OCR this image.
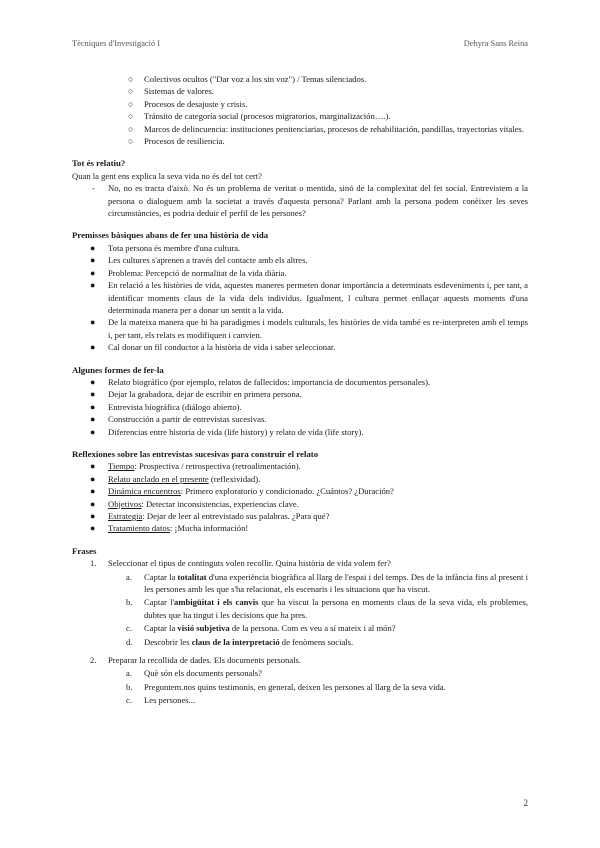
Tècniques d'Investigació I	Dehyra Sans Reina
○ Colectivos ocultos ("Dar voz a los sin voz") / Temas silenciados.
○ Sistemas de valores.
○ Procesos de desajuste y crisis.
○ Tránsito de categoría social (procesos migratorios, marginalización….).
○ Marcos de delincuencia: instituciones penitenciarias, procesos de rehabilitación, pandillas, trayectorias vitales.
○ Procesos de resiliencia.
Tot és relatiu?

Quan la gent ens explica la seva vida no és del tot cert?

- No, no es tracta d'això. No és un problema de veritat o mentida, sinó de la complexitat del fet social. Entrevistem a la persona o dialoguem amb la societat a través d'aquesta persona? Parlant amb la persona podem conèixer les seves circumstàncies, es podria deduir el perfil de les persones?
Premisses bàsiques abans de fer una història de vida
● Tota persona és membre d'una cultura.
● Les cultures s'aprenen a través del contacte amb els altres.
● Problema: Percepció de normalitat de la vida diària.
● En relació a les històries de vida, aquestes maneres permeten donar importància a determinats esdeveniments i, per tant, a identificar moments claus de la vida dels individus. Igualment, l cultura permet enllaçar aquests moments d'una determinada manera per a donar un sentit a la vida.
● De la mateixa manera que hi ha paradigmes i models culturals, les històries de vida també es re-interpreten amb el temps i, per tant, els relats es modifiquen i canvien.
● Cal donar un fil conductor a la història de vida i saber seleccionar.
Algunes formes de fer-la
● Relato biográfico (por ejemplo, relatos de fallecidos: importancia de documentos personales).
● Dejar la grabadora, dejar de escribir en primera persona.
● Entrevista biográfica (diálogo abierto).
● Construcción a partir de entrevistas sucesivas.
● Diferencias entre historia de vida (life history) y relato de vida (life story).
Reflexiones sobre las entrevistas sucesivas para construir el relato
● Tiempo: Prospectiva / retrospectiva (retroalimentación).
● Relato anclado en el presente (reflexividad).
● Dinámica encuentros: Primero exploratorio y condicionado. ¿Cuántos? ¿Duración?
● Objetivos: Detectar inconsistencias, experiencias clave.
● Estrategia: Dejar de leer al entrevistado sus palabras. ¿Para qué?
● Tratamiento datos: ¡Mucha información!
Frases
1. Seleccionar el tipus de continguts volen recollir. Quina història de vida volem fer?
a. Captar la totalitat d'una experiència biogràfica al llarg de l'espai i del temps. Des de la infància fins al present i les persones amb les que s'ha relacionat, els escenaris i les situacions que ha viscut.
b. Captar l'ambigüitat i els canvis que ha viscut la persona en moments claus de la seva vida, els problemes, dubtes que ha tingut i les decisions que ha pres.
c. Captar la visió subjetiva de la persona. Com es veu a sí mateix i al món?
d. Descobrir les claus de la interpretació de fenòmens socials.
2. Preparar la recollida de dades. Els documents personals.
a. Què són els documents personals?
b. Preguntem.nos quins testimonis, en general, deixen les persones al llarg de la seva vida.
c. Les persones...
2
